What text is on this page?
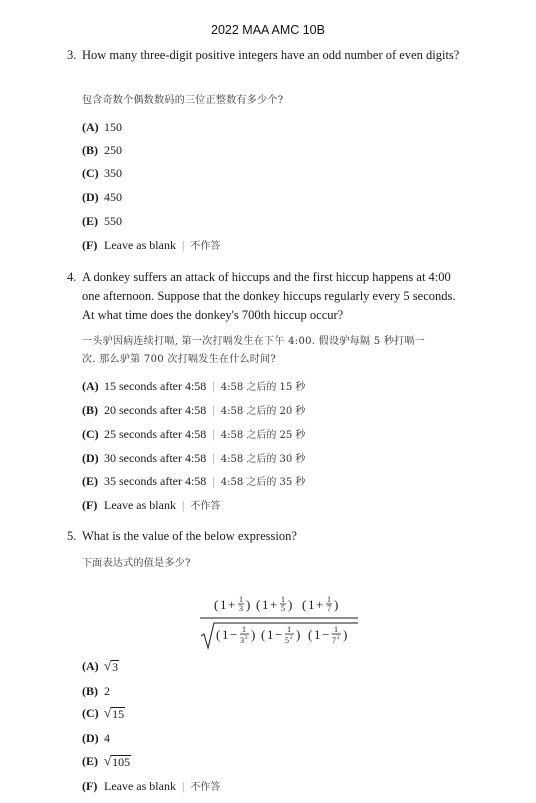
2022 MAA AMC 10B
3. How many three-digit positive integers have an odd number of even digits?
包含奇数个偶数数码的三位正整数有多少个?
(A) 150
(B) 250
(C) 350
(D) 450
(E) 550
(F) Leave as blank | 不作答
4. A donkey suffers an attack of hiccups and the first hiccup happens at 4:00
one afternoon. Suppose that the donkey hiccups regularly every 5 seconds.
At what time does the donkey's 700th hiccup occur?
一头驴因病连续打嗝, 第一次打嗝发生在下午 4:00. 假设驴每隔 5 秒打嗝一
次. 那么驴第 700 次打嗝发生在什么时间?
(A) 15 seconds after 4:58 | 4:58 之后的 15 秒
(B) 20 seconds after 4:58 | 4:58 之后的 20 秒
(C) 25 seconds after 4:58 | 4:58 之后的 25 秒
(D) 30 seconds after 4:58 | 4:58 之后的 30 秒
(E) 35 seconds after 4:58 | 4:58 之后的 35 秒
(F) Leave as blank | 不作答
5. What is the value of the below expression?
下面表达式的值是多少?
( 1 + 1
3 ) ( 1 + 1
5 ) ( 1 + 1
7 )
( 1 − 1
3 2 ) ( 1 − 1
5 2 ) ( 1 − 1
7 2 )
(A) √ 3
(B) 2
(C) √ 15
(D) 4
(E) √ 105
(F) Leave as blank | 不作答
